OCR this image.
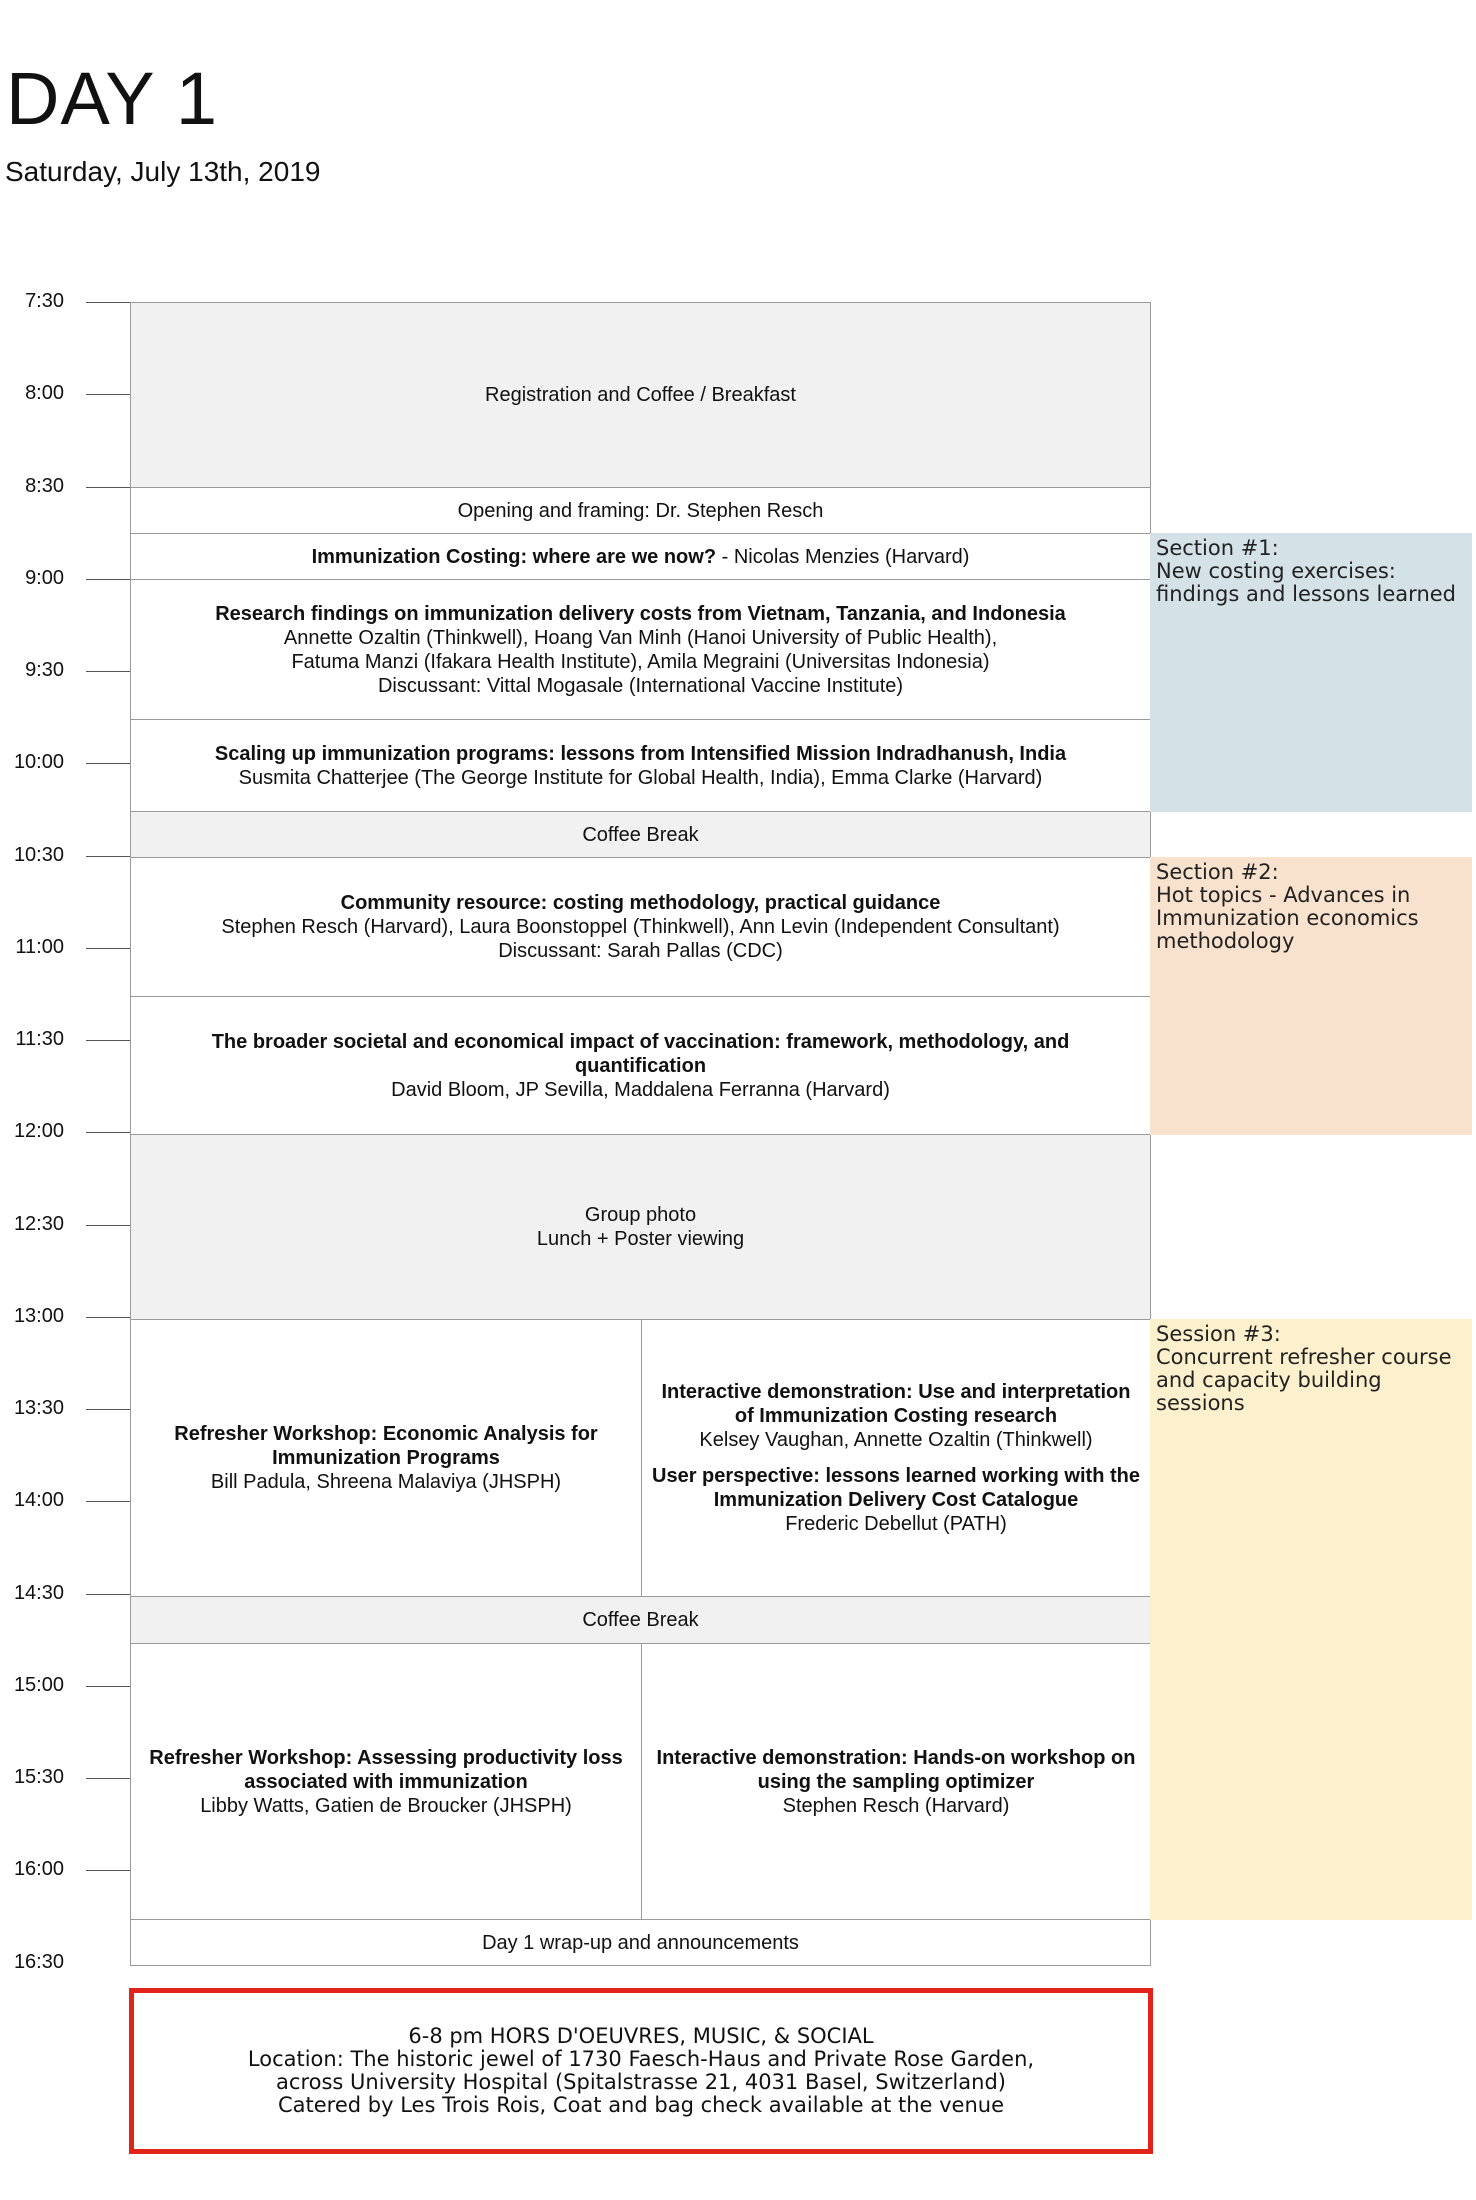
DAY 1
Saturday, July 13th, 2019
7:30
8:00
8:30
9:00
9:30
10:00
10:30
11:00
11:30
12:00
12:30
13:00
13:30
14:00
14:30
15:00
15:30
16:00
16:30
Registration and Coffee / Breakfast
Opening and framing: Dr. Stephen Resch
Immunization Costing: where are we now? - Nicolas Menzies (Harvard)
Research findings on immunization delivery costs from Vietnam, Tanzania, and Indonesia
Annette Ozaltin (Thinkwell), Hoang Van Minh (Hanoi University of Public Health),
Fatuma Manzi (Ifakara Health Institute), Amila Megraini (Universitas Indonesia)
Discussant: Vittal Mogasale (International Vaccine Institute)
Scaling up immunization programs: lessons from Intensified Mission Indradhanush, India
Susmita Chatterjee (The George Institute for Global Health, India), Emma Clarke (Harvard)
Coffee Break
Community resource: costing methodology, practical guidance
Stephen Resch (Harvard), Laura Boonstoppel (Thinkwell), Ann Levin (Independent Consultant)
Discussant: Sarah Pallas (CDC)
The broader societal and economical impact of vaccination: framework, methodology, and quantification
David Bloom, JP Sevilla, Maddalena Ferranna (Harvard)
Group photo
Lunch + Poster viewing
Refresher Workshop: Economic Analysis for Immunization Programs
Bill Padula, Shreena Malaviya (JHSPH)
Interactive demonstration: Use and interpretation of Immunization Costing research
Kelsey Vaughan, Annette Ozaltin (Thinkwell)
User perspective: lessons learned working with the Immunization Delivery Cost Catalogue
Frederic Debellut (PATH)
Coffee Break
Refresher Workshop: Assessing productivity loss associated with immunization
Libby Watts, Gatien de Broucker (JHSPH)
Interactive demonstration: Hands-on workshop on using the sampling optimizer
Stephen Resch (Harvard)
Day 1 wrap-up and announcements
Section #1:
New costing exercises: findings and lessons learned
Section #2:
Hot topics - Advances in Immunization economics methodology
Session #3:
Concurrent refresher course and capacity building sessions
6-8 pm HORS D'OEUVRES, MUSIC, & SOCIAL
Location: The historic jewel of 1730 Faesch-Haus and Private Rose Garden,
across University Hospital (Spitalstrasse 21, 4031 Basel, Switzerland)
Catered by Les Trois Rois, Coat and bag check available at the venue
